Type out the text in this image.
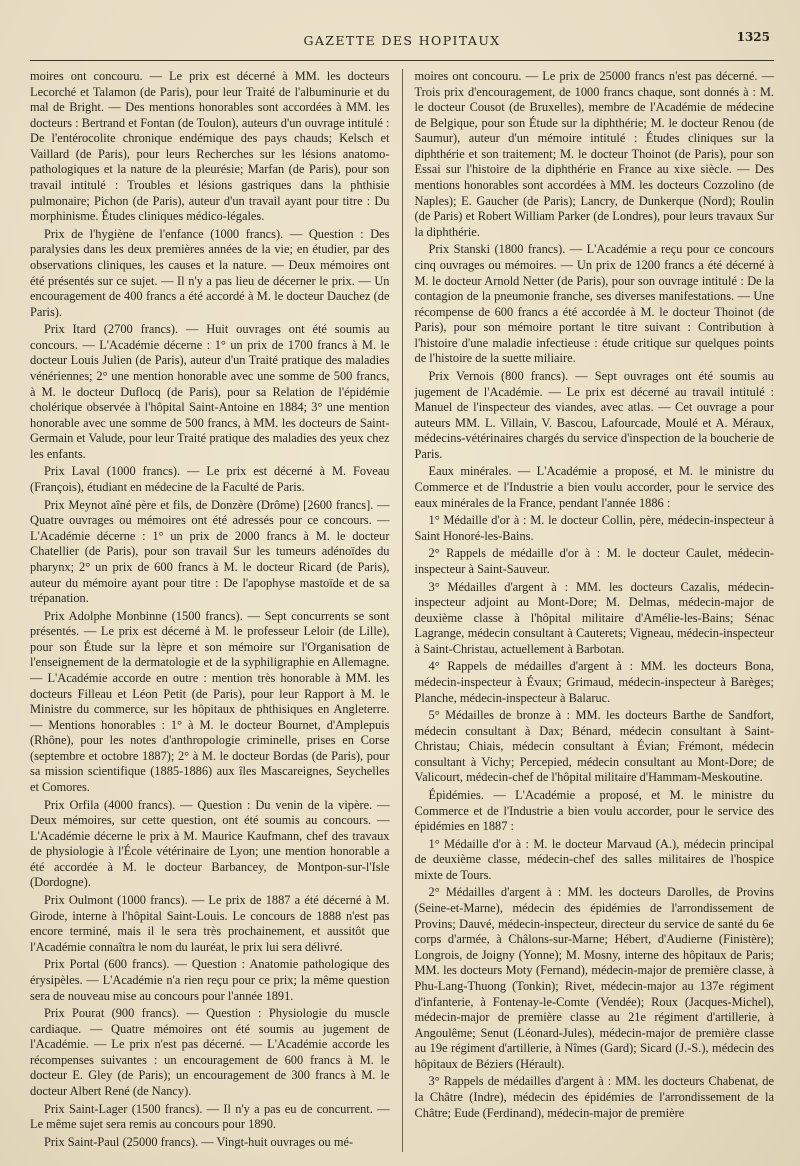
GAZETTE DES HOPITAUX	1325

moires ont concouru. — Le prix est décerné à MM. les docteurs Lecorché et Talamon (de Paris), pour leur Traité de l'albuminurie et du mal de Bright. — Des mentions honorables sont accordées à MM. les docteurs : Bertrand et Fontan (de Toulon), auteurs d'un ouvrage intitulé : De l'entérocolite chronique endémique des pays chauds; Kelsch et Vaillard (de Paris), pour leurs Recherches sur les lésions anatomo-pathologiques et la nature de la pleurésie; Marfan (de Paris), pour son travail intitulé : Troubles et lésions gastriques dans la phthisie pulmonaire; Pichon (de Paris), auteur d'un travail ayant pour titre : Du morphinisme. Études cliniques médico-légales.

Prix de l'hygiène de l'enfance (1000 francs). — Question : Des paralysies dans les deux premières années de la vie; en étudier, par des observations cliniques, les causes et la nature. — Deux mémoires ont été présentés sur ce sujet. — Il n'y a pas lieu de décerner le prix. — Un encouragement de 400 francs a été accordé à M. le docteur Dauchez (de Paris).

Prix Itard (2700 francs). — Huit ouvrages ont été soumis au concours. — L'Académie décerne : 1° un prix de 1700 francs à M. le docteur Louis Julien (de Paris), auteur d'un Traité pratique des maladies vénériennes; 2° une mention honorable avec une somme de 500 francs, à M. le docteur Duflocq (de Paris), pour sa Relation de l'épidémie cholérique observée à l'hôpital Saint-Antoine en 1884; 3° une mention honorable avec une somme de 500 francs, à MM. les docteurs de Saint-Germain et Valude, pour leur Traité pratique des maladies des yeux chez les enfants.

Prix Laval (1000 francs). — Le prix est décerné à M. Foveau (François), étudiant en médecine de la Faculté de Paris.

Prix Meynot aîné père et fils, de Donzère (Drôme) [2600 francs]. — Quatre ouvrages ou mémoires ont été adressés pour ce concours. — L'Académie décerne : 1° un prix de 2000 francs à M. le docteur Chatellier (de Paris), pour son travail Sur les tumeurs adénoïdes du pharynx; 2° un prix de 600 francs à M. le docteur Ricard (de Paris), auteur du mémoire ayant pour titre : De l'apophyse mastoïde et de sa trépanation.

Prix Adolphe Monbinne (1500 francs). — Sept concurrents se sont présentés. — Le prix est décerné à M. le professeur Leloir (de Lille), pour son Étude sur la lèpre et son mémoire sur l'Organisation de l'enseignement de la dermatologie et de la syphiligraphie en Allemagne. — L'Académie accorde en outre : mention très honorable à MM. les docteurs Filleau et Léon Petit (de Paris), pour leur Rapport à M. le Ministre du commerce, sur les hôpitaux de phthisiques en Angleterre. — Mentions honorables : 1° à M. le docteur Bournet, d'Amplepuis (Rhône), pour les notes d'anthropologie criminelle, prises en Corse (septembre et octobre 1887); 2° à M. le docteur Bordas (de Paris), pour sa mission scientifique (1885-1886) aux îles Mascareignes, Seychelles et Comores.

Prix Orfila (4000 francs). — Question : Du venin de la vipère. — Deux mémoires, sur cette question, ont été soumis au concours. — L'Académie décerne le prix à M. Maurice Kaufmann, chef des travaux de physiologie à l'École vétérinaire de Lyon; une mention honorable a été accordée à M. le docteur Barbancey, de Montpon-sur-l'Isle (Dordogne).

Prix Oulmont (1000 francs). — Le prix de 1887 a été décerné à M. Girode, interne à l'hôpital Saint-Louis. Le concours de 1888 n'est pas encore terminé, mais il le sera très prochainement, et aussitôt que l'Académie connaîtra le nom du lauréat, le prix lui sera délivré.

Prix Portal (600 francs). — Question : Anatomie pathologique des érysipèles. — L'Académie n'a rien reçu pour ce prix; la même question sera de nouveau mise au concours pour l'année 1891.

Prix Pourat (900 francs). — Question : Physiologie du muscle cardiaque. — Quatre mémoires ont été soumis au jugement de l'Académie. — Le prix n'est pas décerné. — L'Académie accorde les récompenses suivantes : un encouragement de 600 francs à M. le docteur E. Gley (de Paris); un encouragement de 300 francs à M. le docteur Albert René (de Nancy).

Prix Saint-Lager (1500 francs). — Il n'y a pas eu de concurrent. — Le même sujet sera remis au concours pour 1890.

Prix Saint-Paul (25000 francs). — Vingt-huit ouvrages ou mé-

moires ont concouru. — Le prix de 25000 francs n'est pas décerné. — Trois prix d'encouragement, de 1000 francs chaque, sont donnés à : M. le docteur Cousot (de Bruxelles), membre de l'Académie de médecine de Belgique, pour son Étude sur la diphthérie; M. le docteur Renou (de Saumur), auteur d'un mémoire intitulé : Études cliniques sur la diphthérie et son traitement; M. le docteur Thoinot (de Paris), pour son Essai sur l'histoire de la diphthérie en France au xixe siècle. — Des mentions honorables sont accordées à MM. les docteurs Cozzolino (de Naples); E. Gaucher (de Paris); Lancry, de Dunkerque (Nord); Roulin (de Paris) et Robert William Parker (de Londres), pour leurs travaux Sur la diphthérie.

Prix Stanski (1800 francs). — L'Académie a reçu pour ce concours cinq ouvrages ou mémoires. — Un prix de 1200 francs a été décerné à M. le docteur Arnold Netter (de Paris), pour son ouvrage intitulé : De la contagion de la pneumonie franche, ses diverses manifestations. — Une récompense de 600 francs a été accordée à M. le docteur Thoinot (de Paris), pour son mémoire portant le titre suivant : Contribution à l'histoire d'une maladie infectieuse : étude critique sur quelques points de l'histoire de la suette miliaire.

Prix Vernois (800 francs). — Sept ouvrages ont été soumis au jugement de l'Académie. — Le prix est décerné au travail intitulé : Manuel de l'inspecteur des viandes, avec atlas. — Cet ouvrage a pour auteurs MM. L. Villain, V. Bascou, Lafourcade, Moulé et A. Méraux, médecins-vétérinaires chargés du service d'inspection de la boucherie de Paris.

Eaux minérales. — L'Académie a proposé, et M. le ministre du Commerce et de l'Industrie a bien voulu accorder, pour le service des eaux minérales de la France, pendant l'année 1886 :

1° Médaille d'or à : M. le docteur Collin, père, médecin-inspecteur à Saint Honoré-les-Bains.

2° Rappels de médaille d'or à : M. le docteur Caulet, médecin-inspecteur à Saint-Sauveur.

3° Médailles d'argent à : MM. les docteurs Cazalis, médecin-inspecteur adjoint au Mont-Dore; M. Delmas, médecin-major de deuxième classe à l'hôpital militaire d'Amélie-les-Bains; Sénac Lagrange, médecin consultant à Cauterets; Vigneau, médecin-inspecteur à Saint-Christau, actuellement à Barbotan.

4° Rappels de médailles d'argent à : MM. les docteurs Bona, médecin-inspecteur à Évaux; Grimaud, médecin-inspecteur à Barèges; Planche, médecin-inspecteur à Balaruc.

5° Médailles de bronze à : MM. les docteurs Barthe de Sandfort, médecin consultant à Dax; Bénard, médecin consultant à Saint-Christau; Chiais, médecin consultant à Évian; Frémont, médecin consultant à Vichy; Percepied, médecin consultant au Mont-Dore; de Valicourt, médecin-chef de l'hôpital militaire d'Hammam-Meskoutine.

Épidémies. — L'Académie a proposé, et M. le ministre du Commerce et de l'Industrie a bien voulu accorder, pour le service des épidémies en 1887 :

1° Médaille d'or à : M. le docteur Marvaud (A.), médecin principal de deuxième classe, médecin-chef des salles militaires de l'hospice mixte de Tours.

2° Médailles d'argent à : MM. les docteurs Darolles, de Provins (Seine-et-Marne), médecin des épidémies de l'arrondissement de Provins; Dauvé, médecin-inspecteur, directeur du service de santé du 6e corps d'armée, à Châlons-sur-Marne; Hébert, d'Audierne (Finistère); Longrois, de Joigny (Yonne); M. Mosny, interne des hôpitaux de Paris; MM. les docteurs Moty (Fernand), médecin-major de première classe, à Phu-Lang-Thuong (Tonkin); Rivet, médecin-major au 137e régiment d'infanterie, à Fontenay-le-Comte (Vendée); Roux (Jacques-Michel), médecin-major de première classe au 21e régiment d'artillerie, à Angoulême; Senut (Léonard-Jules), médecin-major de première classe au 19e régiment d'artillerie, à Nîmes (Gard); Sicard (J.-S.), médecin des hôpitaux de Béziers (Hérault).

3° Rappels de médailles d'argent à : MM. les docteurs Chabenat, de la Châtre (Indre), médecin des épidémies de l'arrondissement de la Châtre; Eude (Ferdinand), médecin-major de première
